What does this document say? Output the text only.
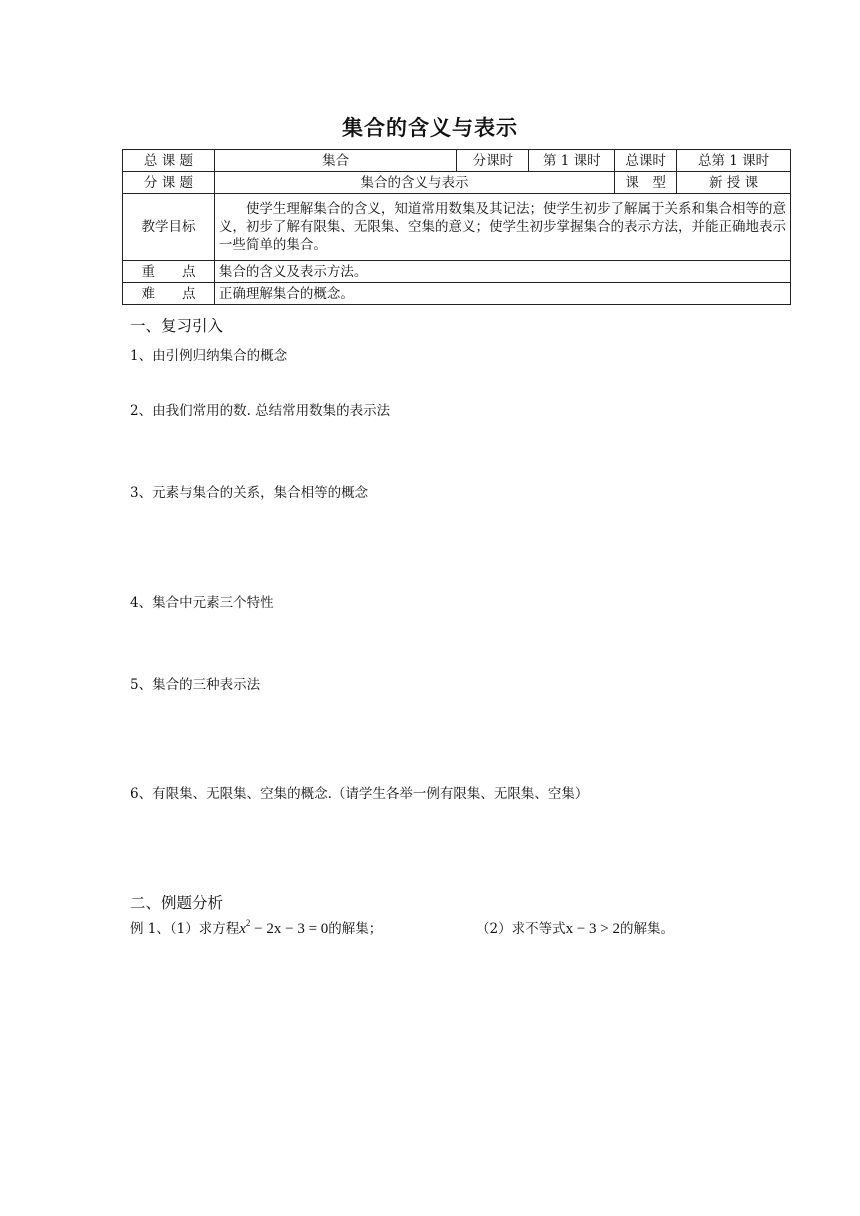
集合的含义与表示
总 课 题	集合	分课时	第 1 课时	总课时	总第 1 课时
分 课 题	集合的含义与表示			课　型	新 授 课
教学目标	使学生理解集合的含义，知道常用数集及其记法；使学生初步了解属于关系和集合相等的意义，初步了解有限集、无限集、空集的意义；使学生初步掌握集合的表示方法，并能正确地表示一些简单的集合。				
重　　点	集合的含义及表示方法。				
难　　点	正确理解集合的概念。				
一、复习引入
1、由引例归纳集合的概念
2、由我们常用的数. 总结常用数集的表示法
3、元素与集合的关系，集合相等的概念
4、集合中元素三个特性
5、集合的三种表示法
6、有限集、无限集、空集的概念.（请学生各举一例有限集、无限集、空集）
二、例题分析
例 1、（1）求方程$x^2 - 2x - 3 = 0$的解集；	（2）求不等式x − 3 > 2的解集。
